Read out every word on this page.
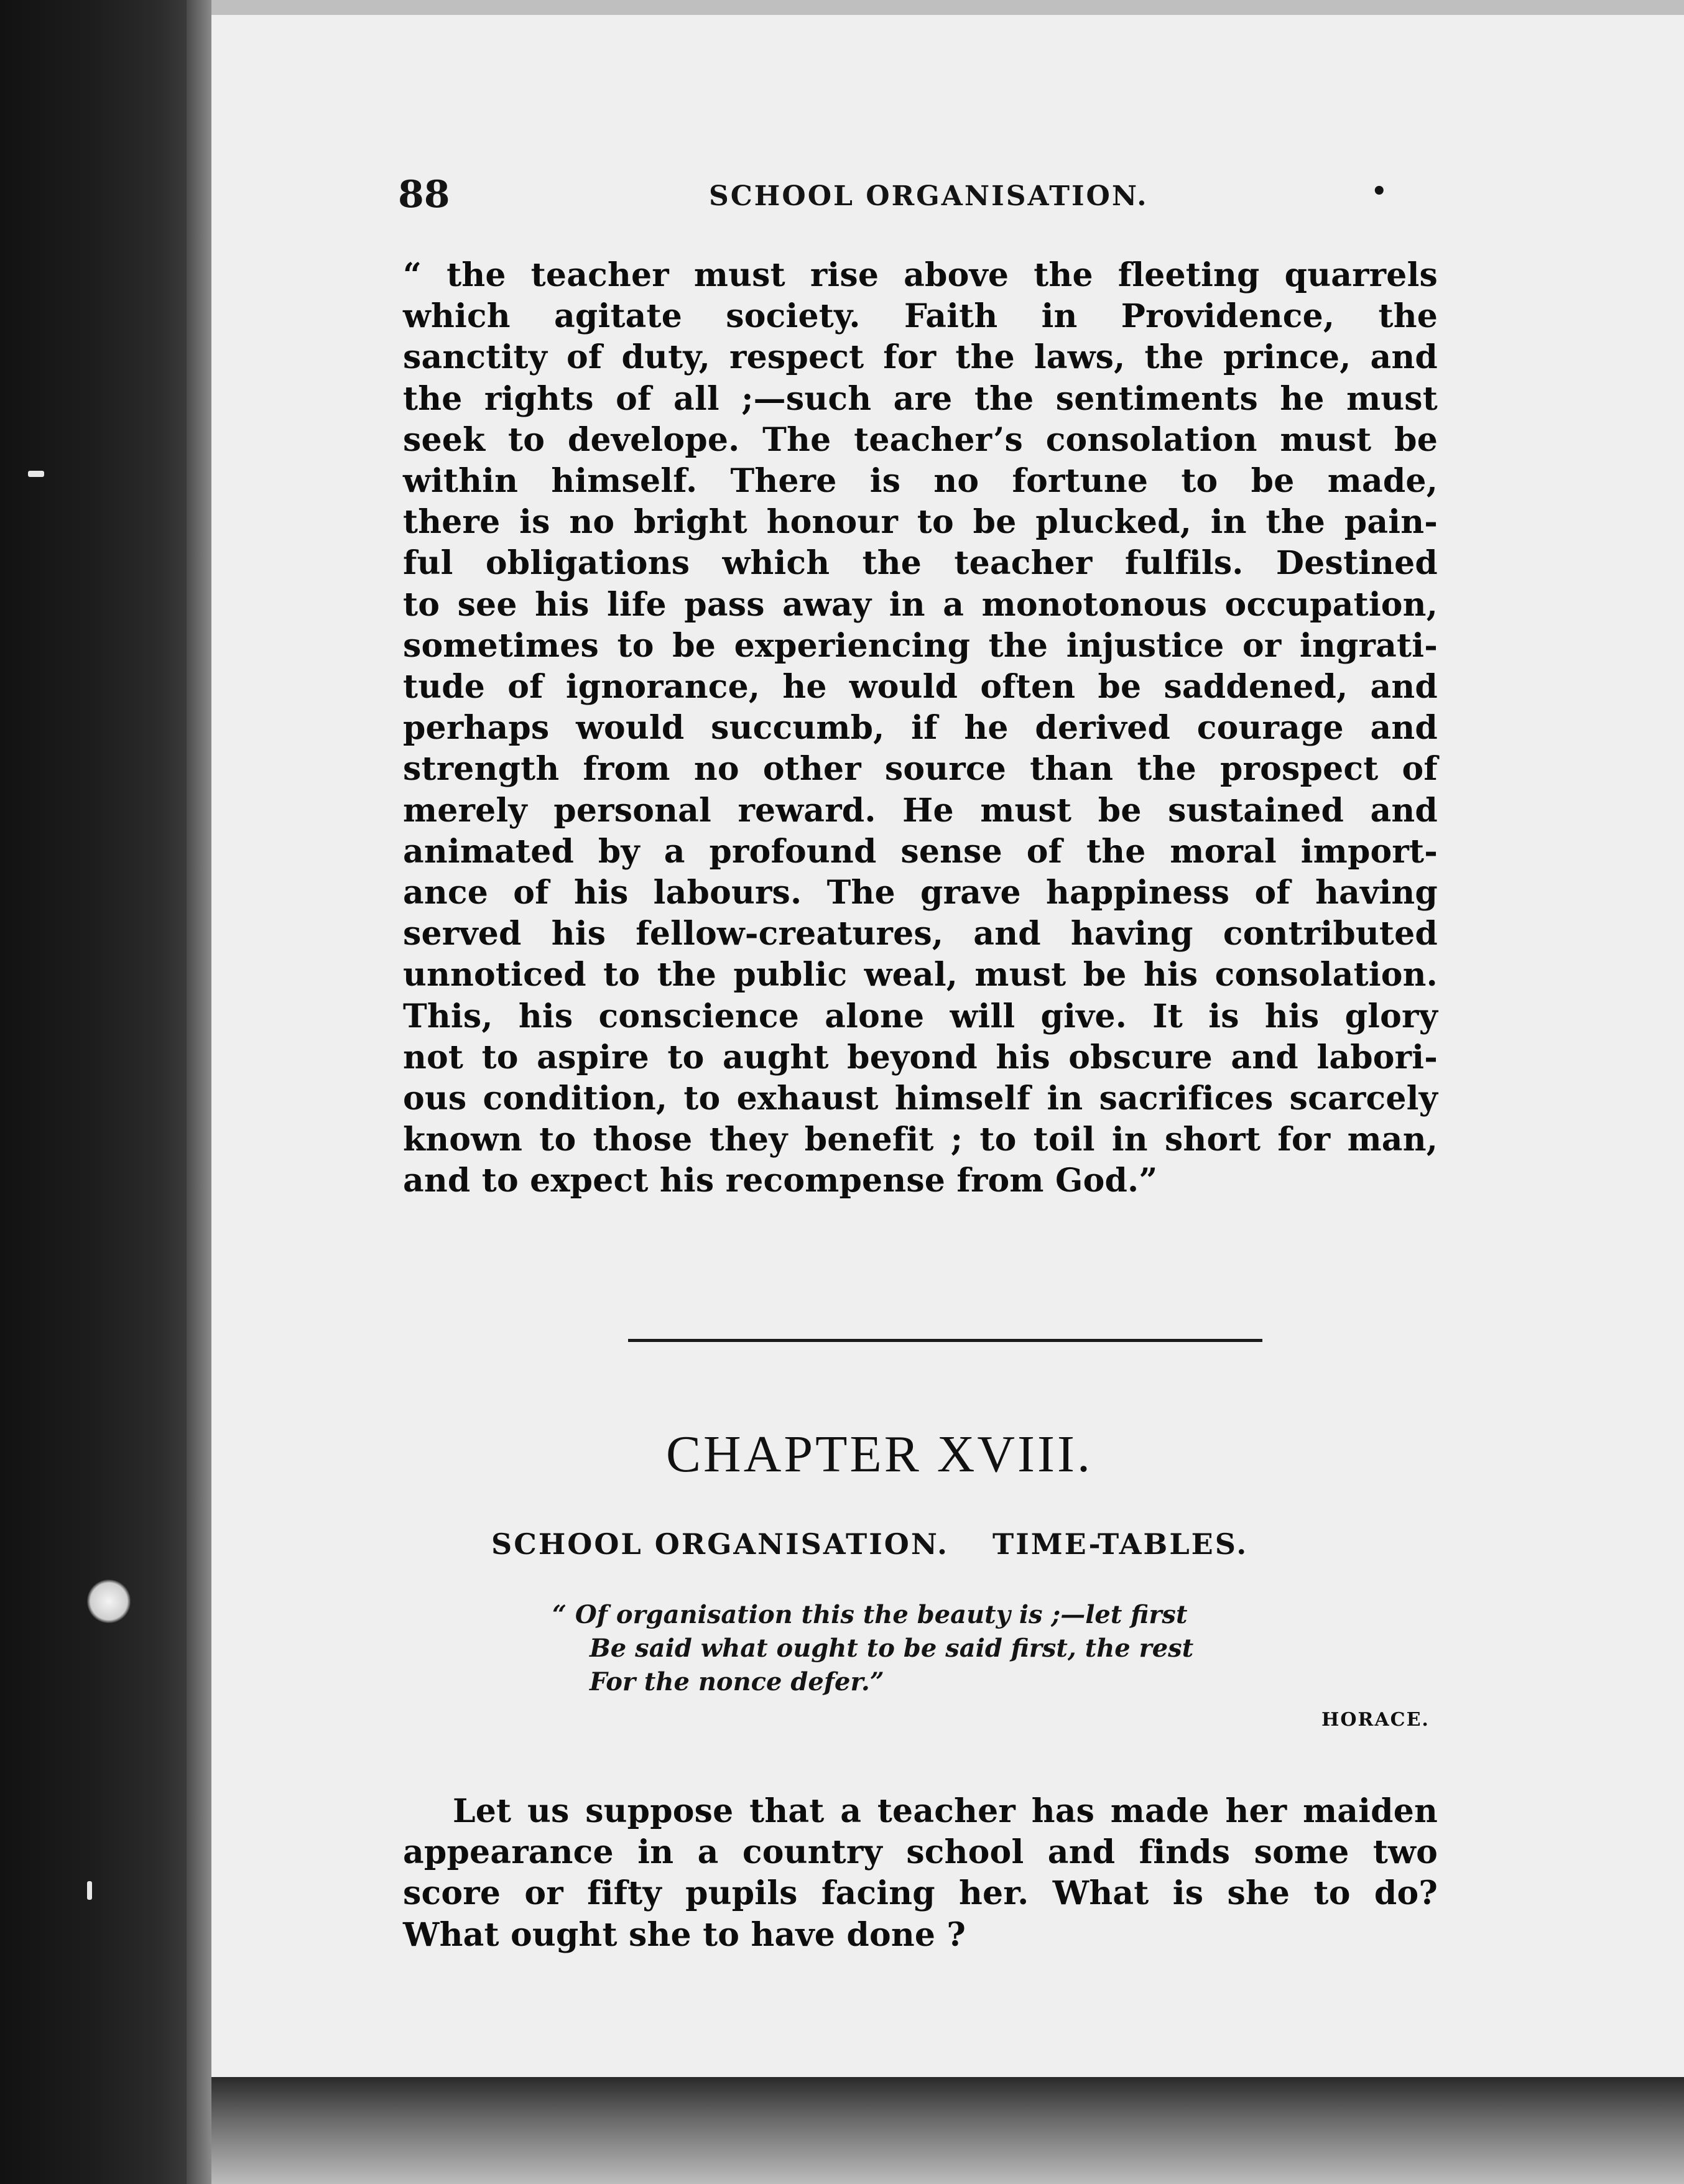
88	SCHOOL ORGANISATION.	•
“ the teacher must rise above the fleeting quarrels
which agitate society. Faith in Providence, the
sanctity of duty, respect for the laws, the prince, and
the rights of all ;—such are the sentiments he must
seek to develope. The teacher’s consolation must be
within himself. There is no fortune to be made,
there is no bright honour to be plucked, in the pain-
ful obligations which the teacher fulfils. Destined
to see his life pass away in a monotonous occupation,
sometimes to be experiencing the injustice or ingrati-
tude of ignorance, he would often be saddened, and
perhaps would succumb, if he derived courage and
strength from no other source than the prospect of
merely personal reward. He must be sustained and
animated by a profound sense of the moral import-
ance of his labours. The grave happiness of having
served his fellow-creatures, and having contributed
unnoticed to the public weal, must be his consolation.
This, his conscience alone will give. It is his glory
not to aspire to aught beyond his obscure and labori-
ous condition, to exhaust himself in sacrifices scarcely
known to those they benefit ; to toil in short for man,
and to expect his recompense from God.”
CHAPTER XVIII.
SCHOOL ORGANISATION. TIME-TABLES.
“ Of organisation this the beauty is ;—let first
Be said what ought to be said first, the rest
For the nonce defer.”
HORACE.
Let us suppose that a teacher has made her maiden
appearance in a country school and finds some two
score or fifty pupils facing her. What is she to do?
What ought she to have done ?
